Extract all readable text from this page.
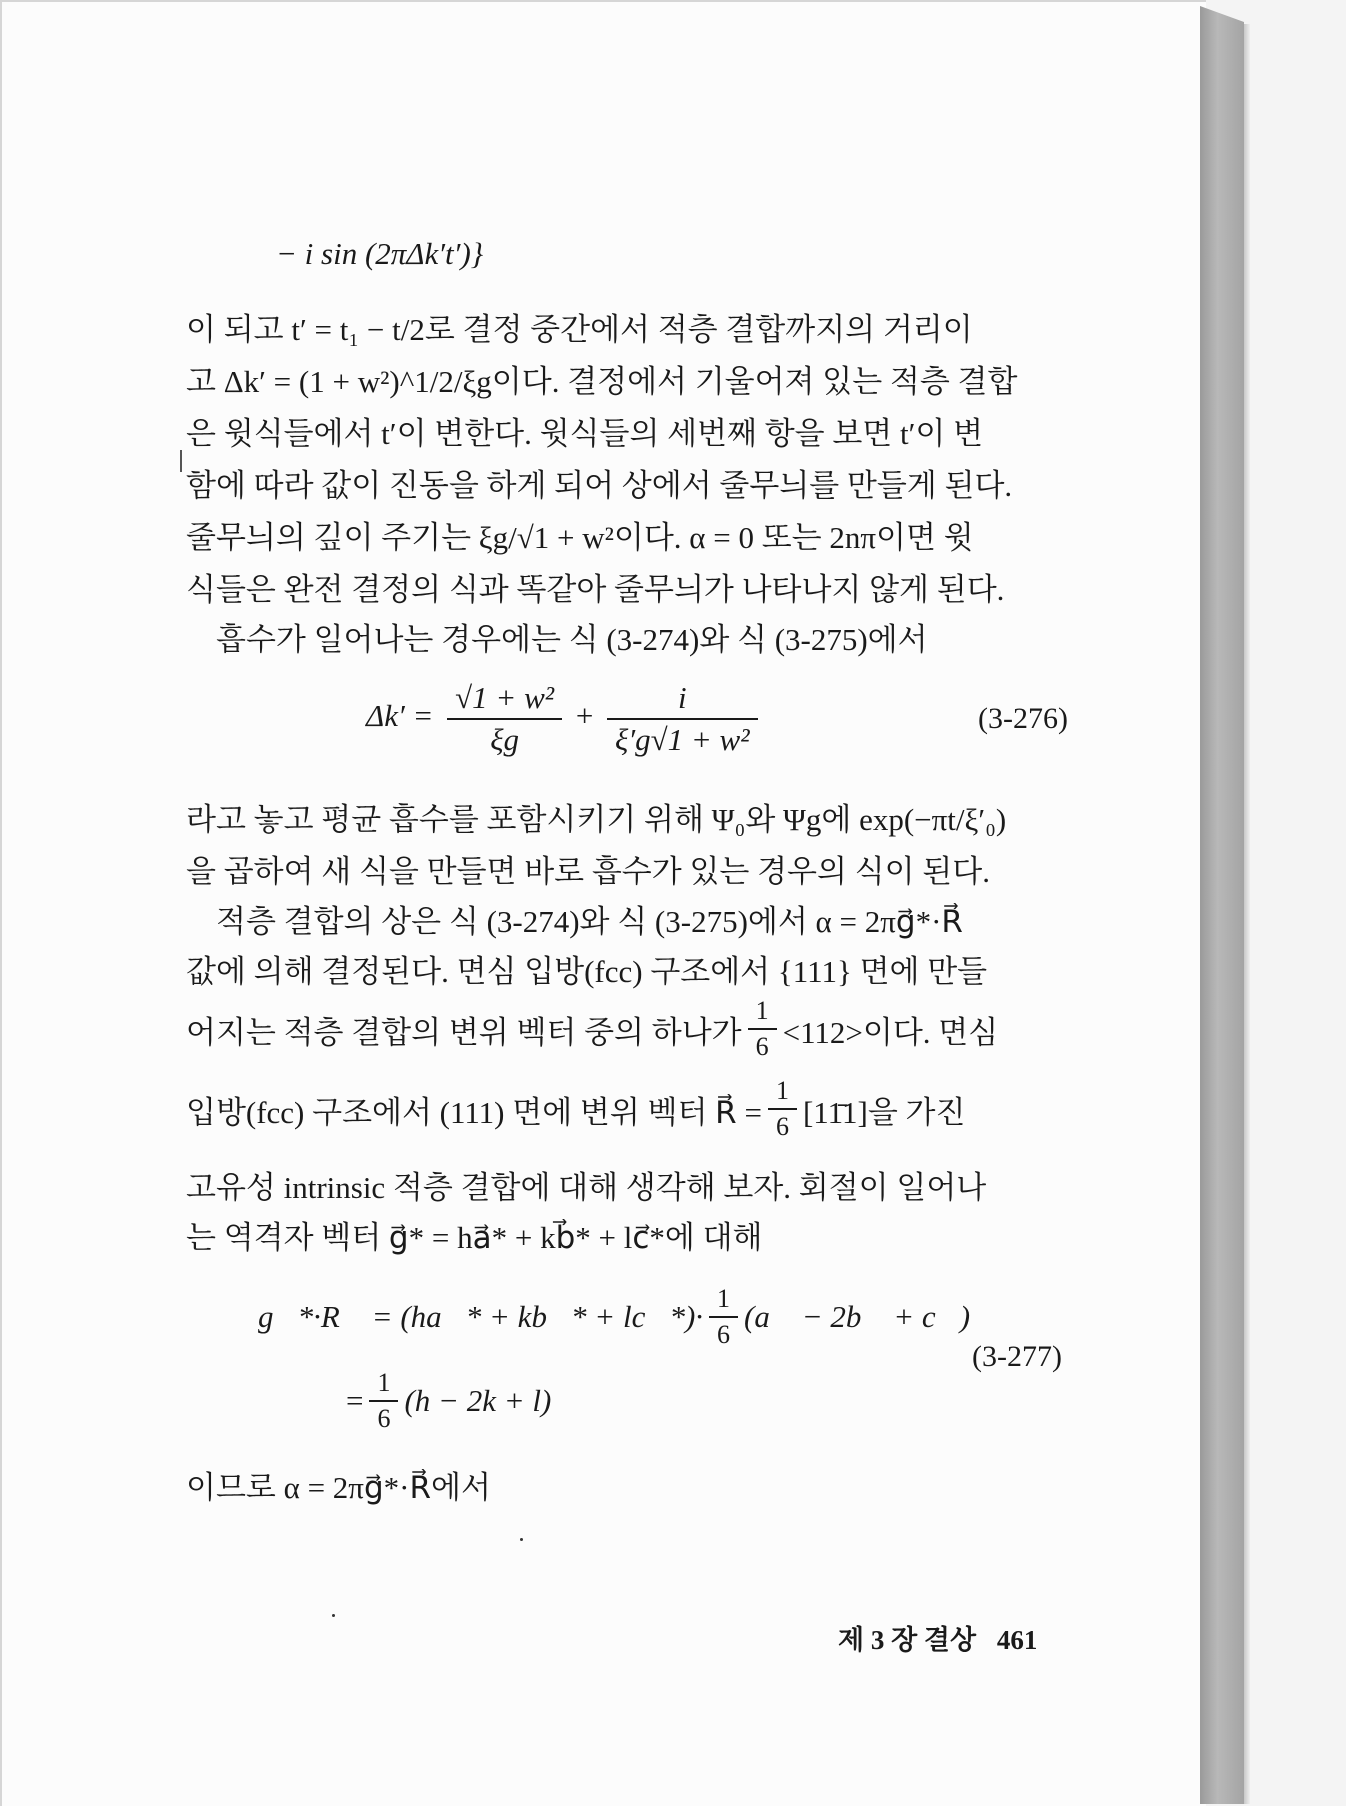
− i sin (2πΔk′t′)}
이 되고 t′ = t₁ − t/2로 결정 중간에서 적층 결합까지의 거리이
고 Δk′ = (1 + w²)^1/2/ξg이다. 결정에서 기울어져 있는 적층 결합
은 윗식들에서 t′이 변한다. 윗식들의 세번째 항을 보면 t′이 변
함에 따라 값이 진동을 하게 되어 상에서 줄무늬를 만들게 된다.
줄무늬의 깊이 주기는 ξg/√1 + w²이다. α = 0 또는 2nπ이면 윗
식들은 완전 결정의 식과 똑같아 줄무늬가 나타나지 않게 된다.
흡수가 일어나는 경우에는 식 (3-274)와 식 (3-275)에서
$\Delta k' = \frac{\text{√1 + w²}}{\xi g} + \frac{i}{\text{ξ′g√1 + w²}}$	(3-276)
라고 놓고 평균 흡수를 포함시키기 위해 Ψ₀와 Ψg에 exp(−πt/ξ′₀)
을 곱하여 새 식을 만들면 바로 흡수가 있는 경우의 식이 된다.
적층 결합의 상은 식 (3-274)와 식 (3-275)에서 α = 2πg⃗*·R⃗
값에 의해 결정된다. 면심 입방(fcc) 구조에서 {111} 면에 만들
어지는 적층 결합의 변위 벡터 중의 하나가 $\frac{1}{6} <112>$이다. 면심
입방(fcc) 구조에서 (111) 면에 변위 벡터 R⃗ = $\frac{1}{6}$ [11̄1]을 가진
고유성 intrinsic 적층 결합에 대해 생각해 보자. 회절이 일어나
는 역격자 벡터 g⃗* = ha⃗* + kb⃗* + lc⃗*에 대해
g⃗*·R⃗ = (ha⃗* + kb⃗* + lc⃗*)· $\frac{1}{6}$ (a⃗ − 2b⃗ + c⃗)
= $\frac{1}{6} (h - 2k + l)$
(3-277)
이므로 α = 2πg⃗*·R⃗에서
제 3 장 결상 461
